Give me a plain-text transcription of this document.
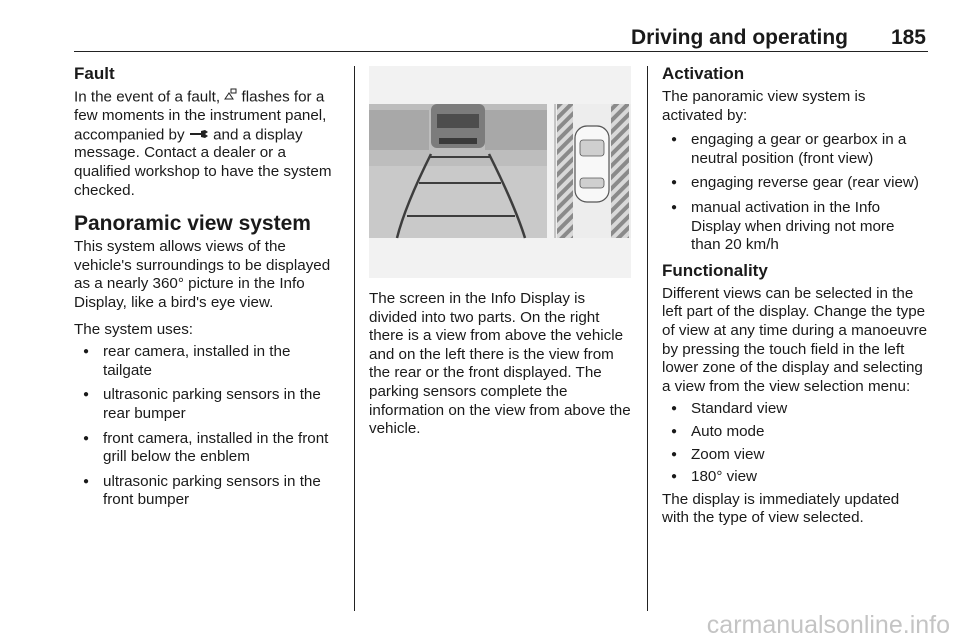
Driving and operating 185
Fault

In the event of a fault, flashes for a few moments in the instrument panel, accompanied by and a display message. Contact a dealer or a qualified workshop to have the system checked.

Panoramic view system

This system allows views of the vehicle's surroundings to be displayed as a nearly 360° picture in the Info Display, like a bird's eye view.

The system uses:

● rear camera, installed in the tailgate
● ultrasonic parking sensors in the rear bumper
● front camera, installed in the front grill below the enblem
● ultrasonic parking sensors in the front bumper

The screen in the Info Display is divided into two parts. On the right there is a view from above the vehicle and on the left there is the view from the rear or the front displayed. The parking sensors complete the information on the view from above the vehicle.

Activation

The panoramic view system is activated by:

● engaging a gear or gearbox in a neutral position (front view)
● engaging reverse gear (rear view)
● manual activation in the Info Display when driving not more than 20 km/h
Functionality

Different views can be selected in the left part of the display. Change the type of view at any time during a manoeuvre by pressing the touch field in the left lower zone of the display and selecting a view from the view selection menu:

● Standard view
● Auto mode
● Zoom view
● 180° view

The display is immediately updated with the type of view selected.

carmanualsonline.info
